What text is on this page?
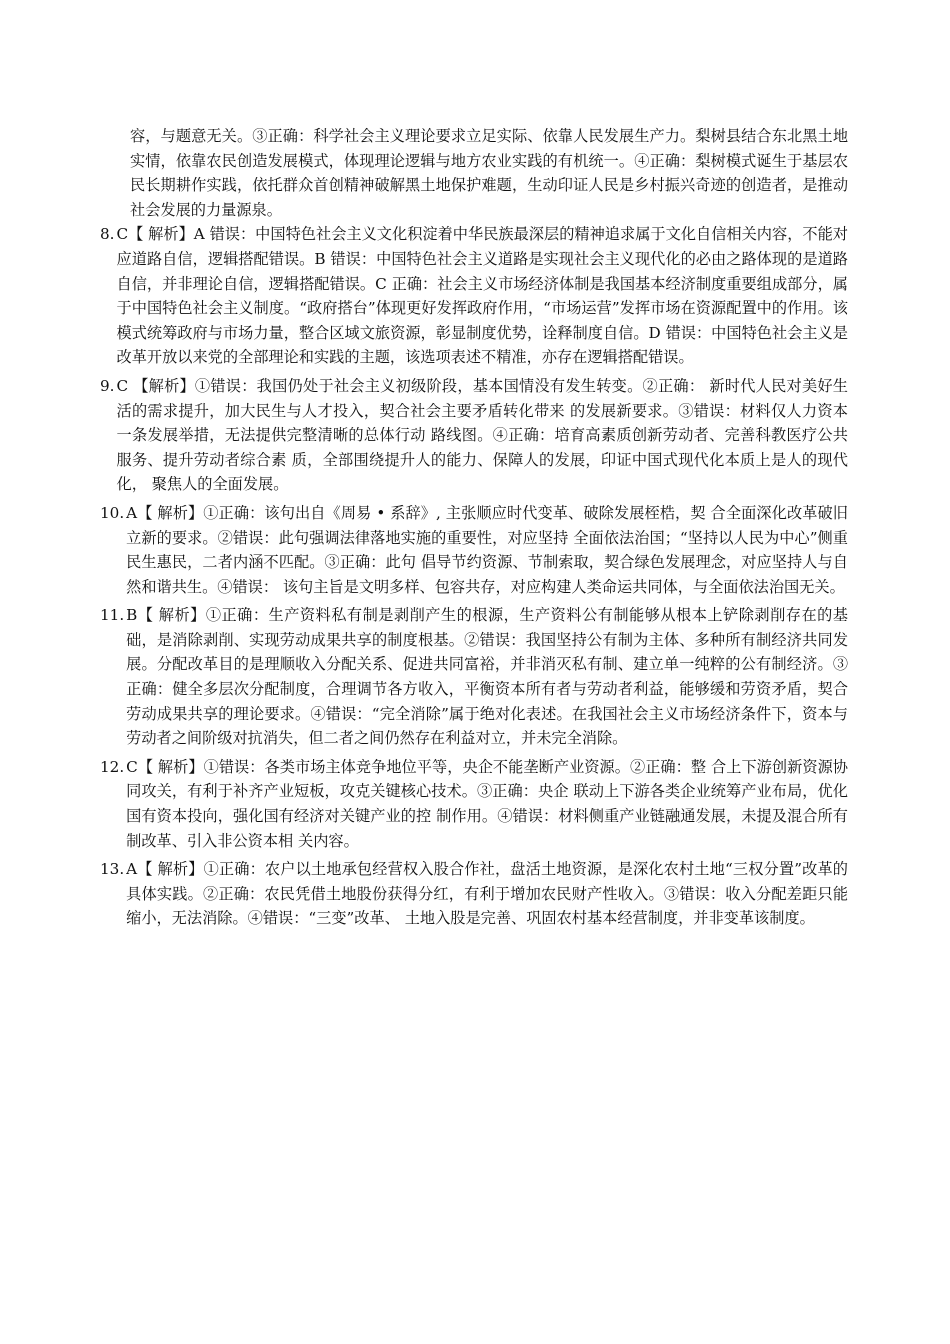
容，与题意无关。③正确：科学社会主义理论要求立足实际、依靠人民发展生产力。梨树县结合东北黑土地实情，依靠农民创造发展模式，体现理论逻辑与地方农业实践的有机统一。④正确：梨树模式诞生于基层农民长期耕作实践，依托群众首创精神破解黑土地保护难题，生动印证人民是乡村振兴奇迹的创造者，是推动社会发展的力量源泉。

8. C【 解析】A 错误：中国特色社会主义文化积淀着中华民族最深层的精神追求属于文化自信相关内容，不能对应道路自信，逻辑搭配错误。B 错误：中国特色社会主义道路是实现社会主义现代化的必由之路体现的是道路自信，并非理论自信，逻辑搭配错误。C 正确：社会主义市场经济体制是我国基本经济制度重要组成部分，属于中国特色社会主义制度。“政府搭台”体现更好发挥政府作用，“市场运营”发挥市场在资源配置中的作用。该模式统筹政府与市场力量，整合区域文旅资源，彰显制度优势，诠释制度自信。D 错误：中国特色社会主义是改革开放以来党的全部理论和实践的主题，该选项表述不精准，亦存在逻辑搭配错误。
9. C 【解析】①错误：我国仍处于社会主义初级阶段，基本国情没有发生转变。②正确： 新时代人民对美好生活的需求提升，加大民生与人才投入，契合社会主要矛盾转化带来 的发展新要求。③错误：材料仅人力资本一条发展举措，无法提供完整清晰的总体行动 路线图。④正确：培育高素质创新劳动者、完善科教医疗公共服务、提升劳动者综合素 质，全部围绕提升人的能力、保障人的发展，印证中国式现代化本质上是人的现代化， 聚焦人的全面发展。
10. A【 解析】①正确：该句出自《周易 • 系辞》, 主张顺应时代变革、破除发展桎梏，契 合全面深化改革破旧立新的要求。②错误：此句强调法律落地实施的重要性，对应坚持 全面依法治国；“坚持以人民为中心”侧重民生惠民，二者内涵不匹配。③正确：此句 倡导节约资源、节制索取，契合绿色发展理念，对应坚持人与自然和谐共生。④错误： 该句主旨是文明多样、包容共存，对应构建人类命运共同体，与全面依法治国无关。
11. B【 解析】①正确：生产资料私有制是剥削产生的根源，生产资料公有制能够从根本上铲除剥削存在的基础，是消除剥削、实现劳动成果共享的制度根基。②错误：我国坚持公有制为主体、多种所有制经济共同发展。分配改革目的是理顺收入分配关系、促进共同富裕，并非消灭私有制、建立单一纯粹的公有制经济。③正确：健全多层次分配制度，合理调节各方收入，平衡资本所有者与劳动者利益，能够缓和劳资矛盾，契合劳动成果共享的理论要求。④错误：“完全消除”属于绝对化表述。在我国社会主义市场经济条件下，资本与劳动者之间阶级对抗消失，但二者之间仍然存在利益对立，并未完全消除。
12. C【 解析】①错误：各类市场主体竞争地位平等，央企不能垄断产业资源。②正确：整 合上下游创新资源协同攻关，有利于补齐产业短板，攻克关键核心技术。③正确：央企 联动上下游各类企业统筹产业布局，优化国有资本投向，强化国有经济对关键产业的控 制作用。④错误：材料侧重产业链融通发展，未提及混合所有制改革、引入非公资本相 关内容。
13. A【 解析】①正确：农户以土地承包经营权入股合作社，盘活土地资源，是深化农村土地“三权分置”改革的具体实践。②正确：农民凭借土地股份获得分红，有利于增加农民财产性收入。③错误：收入分配差距只能缩小，无法消除。④错误：“三变”改革、 土地入股是完善、巩固农村基本经营制度，并非变革该制度。
